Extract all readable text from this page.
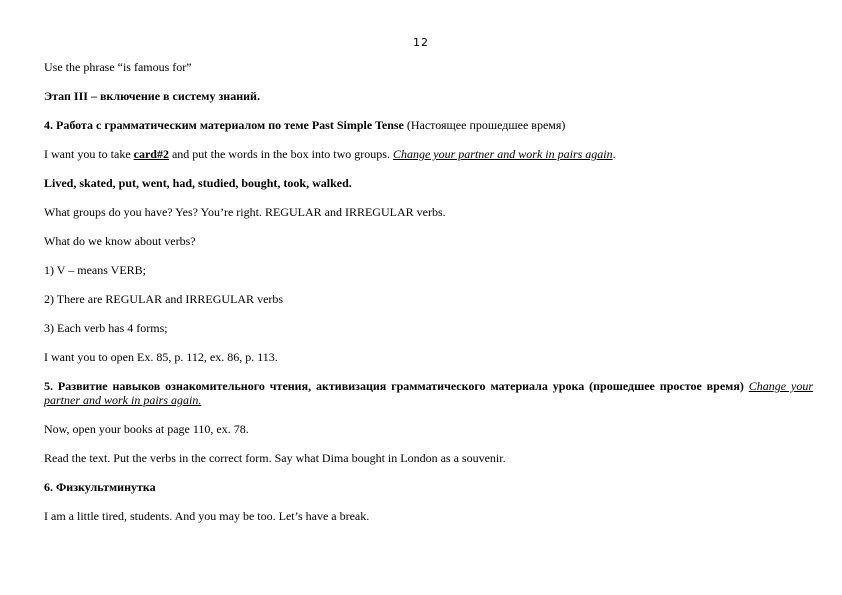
12

Use the phrase “is famous for”

Этап III – включение в систему знаний.

4. Работа с грамматическим материалом по теме Past Simple Tense (Настоящее прошедшее время)

I want you to take card#2 and put the words in the box into two groups. Change your partner and work in pairs again.

Lived, skated, put, went, had, studied, bought, took, walked.

What groups do you have? Yes? You’re right. REGULAR and IRREGULAR verbs.

What do we know about verbs?

1) V – means VERB;

2) There are REGULAR and IRREGULAR verbs

3) Each verb has 4 forms;

I want you to open Ex. 85, p. 112, ex. 86, p. 113.

5. Развитие навыков ознакомительного чтения, активизация грамматического материала урока (прошедшее простое время) Change your partner and work in pairs again.

Now, open your books at page 110, ex. 78.

Read the text. Put the verbs in the correct form. Say what Dima bought in London as a souvenir.

6. Физкультминутка

I am a little tired, students. And you may be too. Let’s have a break.
